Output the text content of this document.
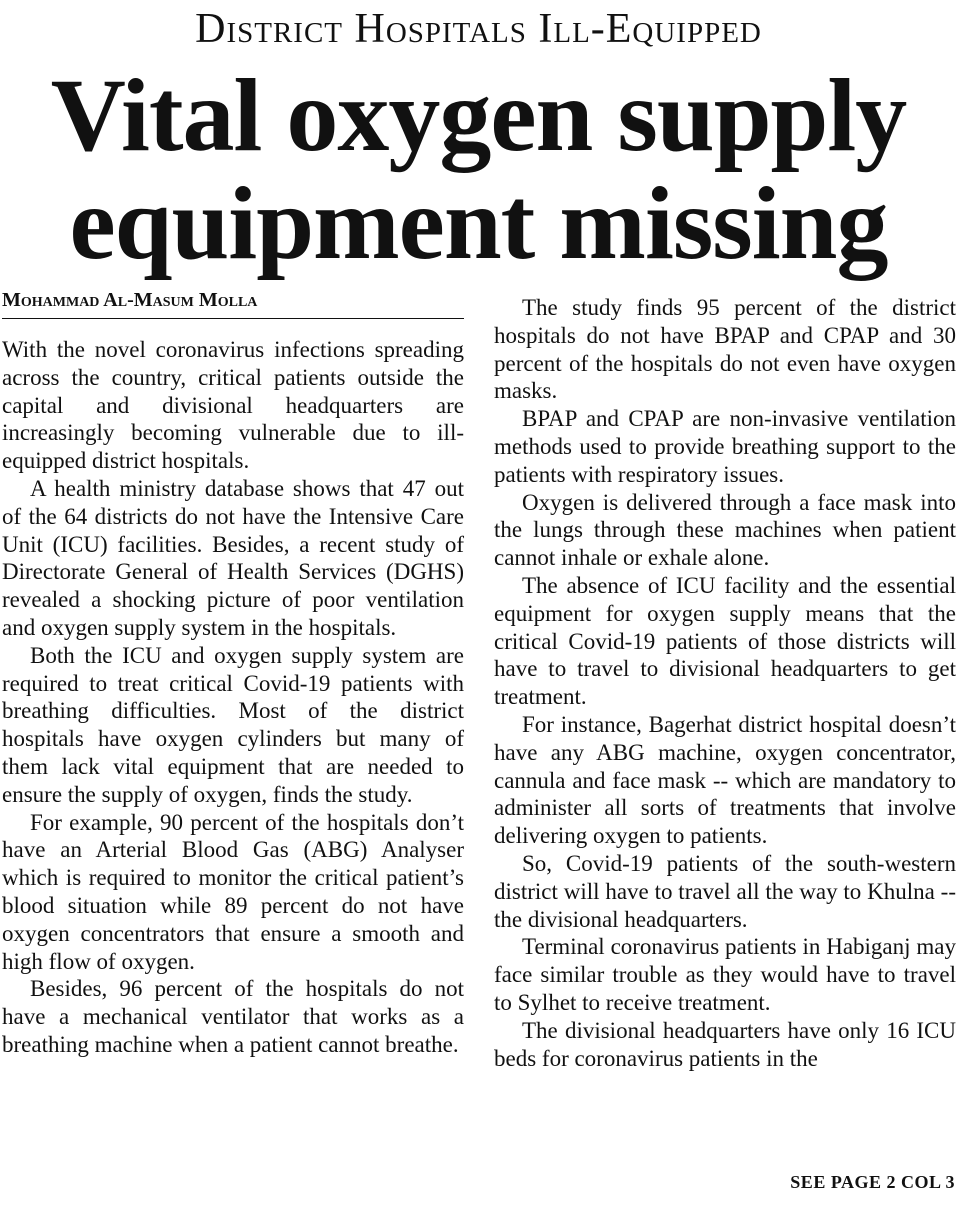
District Hospitals Ill-Equipped
Vital oxygen supply
equipment missing
Mohammad Al-Masum Molla

With the novel coronavirus infections spreading across the country, critical patients outside the capital and divisional headquarters are increasingly becoming vulnerable due to ill-equipped district hospitals.

A health ministry database shows that 47 out of the 64 districts do not have the Intensive Care Unit (ICU) facilities. Besides, a recent study of Directorate General of Health Services (DGHS) revealed a shocking picture of poor ventilation and oxygen supply system in the hospitals.

Both the ICU and oxygen supply system are required to treat critical Covid-19 patients with breathing difficulties. Most of the district hospitals have oxygen cylinders but many of them lack vital equipment that are needed to ensure the supply of oxygen, finds the study.

For example, 90 percent of the hospitals don’t have an Arterial Blood Gas (ABG) Analyser which is required to monitor the critical patient’s blood situation while 89 percent do not have oxygen concentrators that ensure a smooth and high flow of oxygen.

Besides, 96 percent of the hospitals do not have a mechanical ventilator that works as a breathing machine when a patient cannot breathe.

The study finds 95 percent of the district hospitals do not have BPAP and CPAP and 30 percent of the hospitals do not even have oxygen masks.

BPAP and CPAP are non-invasive ventilation methods used to provide breathing support to the patients with respiratory issues.

Oxygen is delivered through a face mask into the lungs through these machines when patient cannot inhale or exhale alone.

The absence of ICU facility and the essential equipment for oxygen supply means that the critical Covid-19 patients of those districts will have to travel to divisional headquarters to get treatment.

For instance, Bagerhat district hospital doesn’t have any ABG machine, oxygen concentrator, cannula and face mask -- which are mandatory to administer all sorts of treatments that involve delivering oxygen to patients.

So, Covid-19 patients of the south-western district will have to travel all the way to Khulna -- the divisional headquarters.

Terminal coronavirus patients in Habiganj may face similar trouble as they would have to travel to Sylhet to receive treatment.

The divisional headquarters have only 16 ICU beds for coronavirus patients in the

SEE PAGE 2 COL 3
